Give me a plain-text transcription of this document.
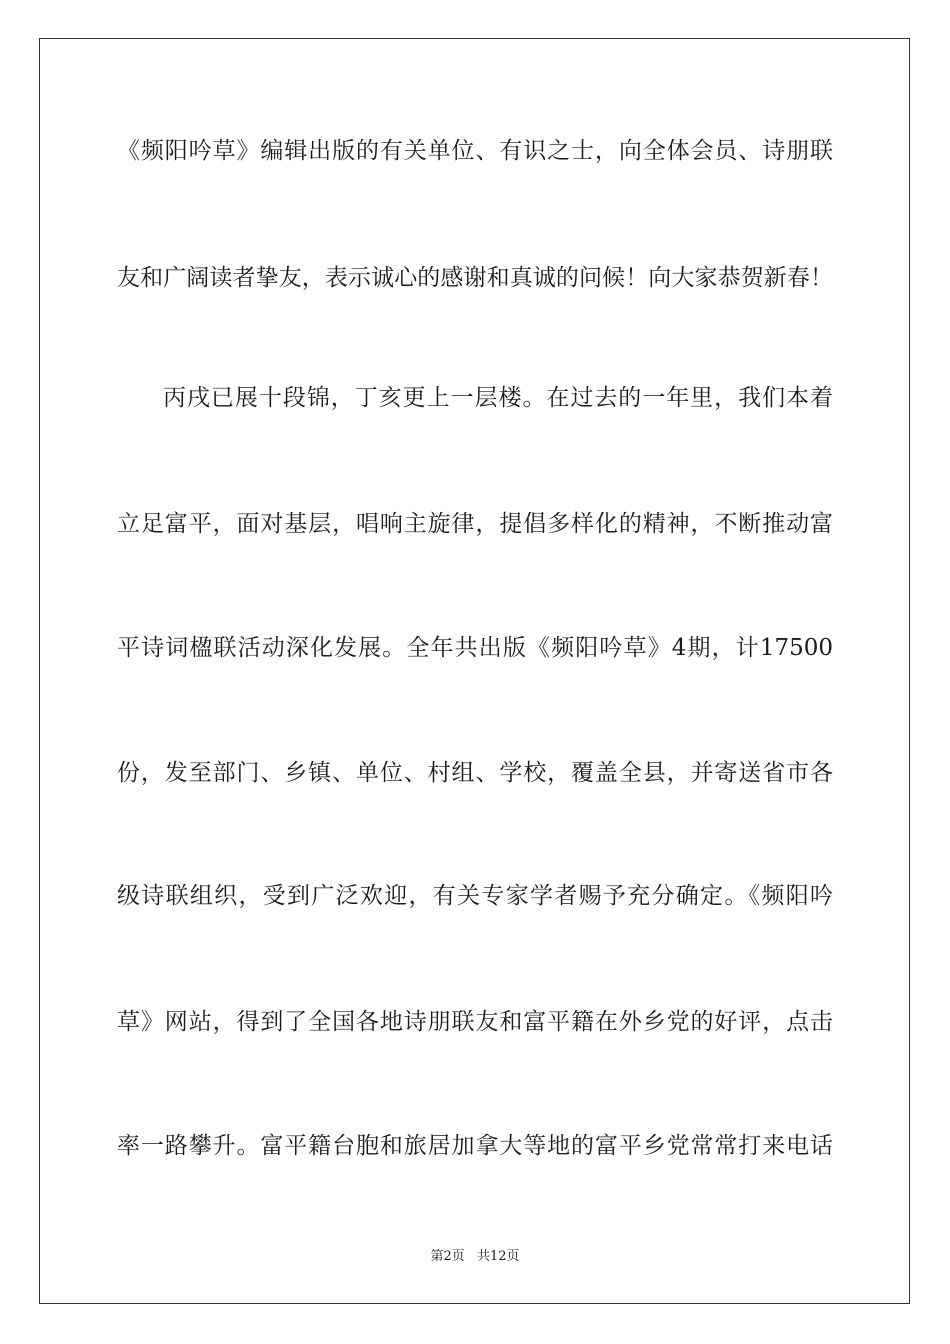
《频阳吟草》编辑出版的有关单位、有识之士，向全体会员、诗朋联
友和广阔读者挚友，表示诚心的感谢和真诚的问候！向大家恭贺新春！
丙戌已展十段锦，丁亥更上一层楼。在过去的一年里，我们本着
立足富平，面对基层，唱响主旋律，提倡多样化的精神，不断推动富
平诗词楹联活动深化发展。全年共出版《频阳吟草》4期，计17500
份，发至部门、乡镇、单位、村组、学校，覆盖全县，并寄送省市各
级诗联组织，受到广泛欢迎，有关专家学者赐予充分确定。《频阳吟
草》网站，得到了全国各地诗朋联友和富平籍在外乡党的好评，点击
率一路攀升。富平籍台胞和旅居加拿大等地的富平乡党常常打来电话
第2页 共12页
